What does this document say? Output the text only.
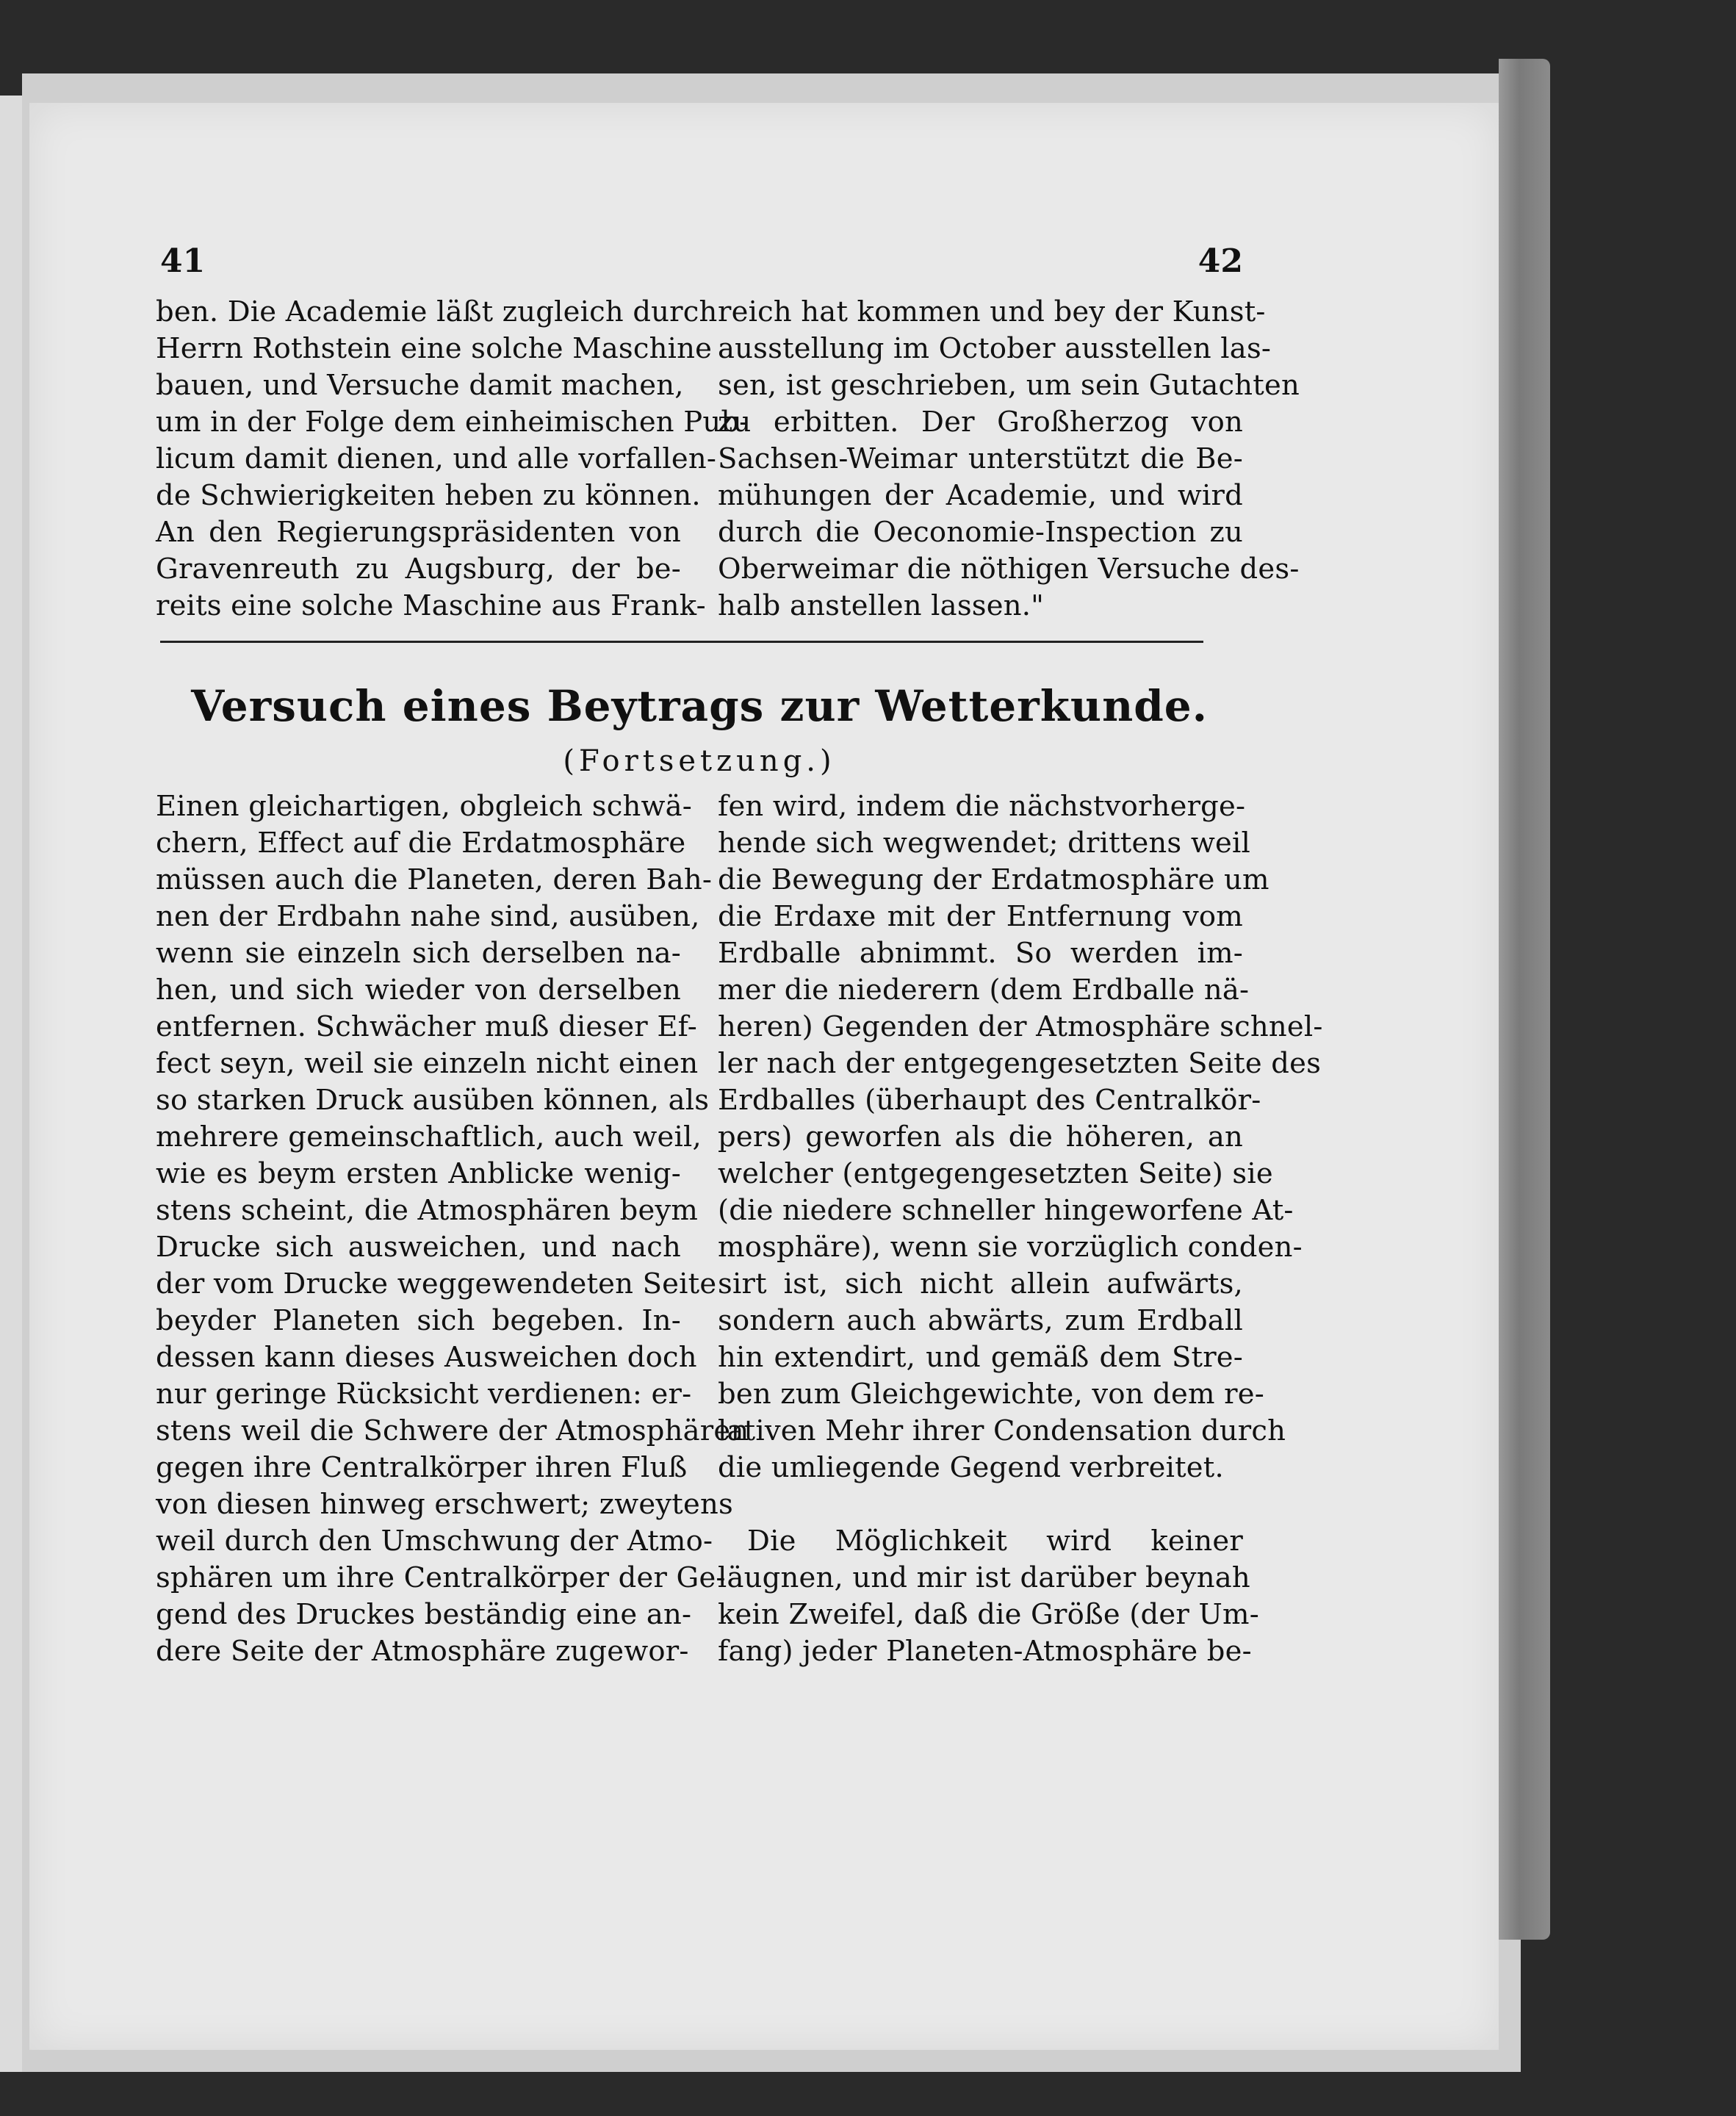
41	42
ben. Die Academie läßt zugleich durch
Herrn Rothstein eine solche Maschine
bauen, und Versuche damit machen,
um in der Folge dem einheimischen Pub-
licum damit dienen, und alle vorfallen-
de Schwierigkeiten heben zu können.
An den Regierungspräsidenten von
Gravenreuth zu Augsburg, der be-
reits eine solche Maschine aus Frank-
reich hat kommen und bey der Kunst-
ausstellung im October ausstellen las-
sen, ist geschrieben, um sein Gutachten
zu erbitten. Der Großherzog von
Sachsen-Weimar unterstützt die Be-
mühungen der Academie, und wird
durch die Oeconomie-Inspection zu
Oberweimar die nöthigen Versuche des-
halb anstellen lassen."
Versuch eines Beytrags zur Wetterkunde.
(Fortsetzung.)
Einen gleichartigen, obgleich schwä-
chern, Effect auf die Erdatmosphäre
müssen auch die Planeten, deren Bah-
nen der Erdbahn nahe sind, ausüben,
wenn sie einzeln sich derselben na-
hen, und sich wieder von derselben
entfernen. Schwächer muß dieser Ef-
fect seyn, weil sie einzeln nicht einen
so starken Druck ausüben können, als
mehrere gemeinschaftlich, auch weil,
wie es beym ersten Anblicke wenig-
stens scheint, die Atmosphären beym
Drucke sich ausweichen, und nach
der vom Drucke weggewendeten Seite
beyder Planeten sich begeben. In-
dessen kann dieses Ausweichen doch
nur geringe Rücksicht verdienen: er-
stens weil die Schwere der Atmosphären
gegen ihre Centralkörper ihren Fluß
von diesen hinweg erschwert; zweytens
weil durch den Umschwung der Atmo-
sphären um ihre Centralkörper der Ge-
gend des Druckes beständig eine an-
dere Seite der Atmosphäre zugewor-
fen wird, indem die nächstvorherge-
hende sich wegwendet; drittens weil
die Bewegung der Erdatmosphäre um
die Erdaxe mit der Entfernung vom
Erdballe abnimmt. So werden im-
mer die niederern (dem Erdballe nä-
heren) Gegenden der Atmosphäre schnel-
ler nach der entgegengesetzten Seite des
Erdballes (überhaupt des Centralkör-
pers) geworfen als die höheren, an
welcher (entgegengesetzten Seite) sie
(die niedere schneller hingeworfene At-
mosphäre), wenn sie vorzüglich conden-
sirt ist, sich nicht allein aufwärts,
sondern auch abwärts, zum Erdball
hin extendirt, und gemäß dem Stre-
ben zum Gleichgewichte, von dem re-
lativen Mehr ihrer Condensation durch
die umliegende Gegend verbreitet.
Die Möglichkeit wird keiner
läugnen, und mir ist darüber beynah
kein Zweifel, daß die Größe (der Um-
fang) jeder Planeten-Atmosphäre be-
